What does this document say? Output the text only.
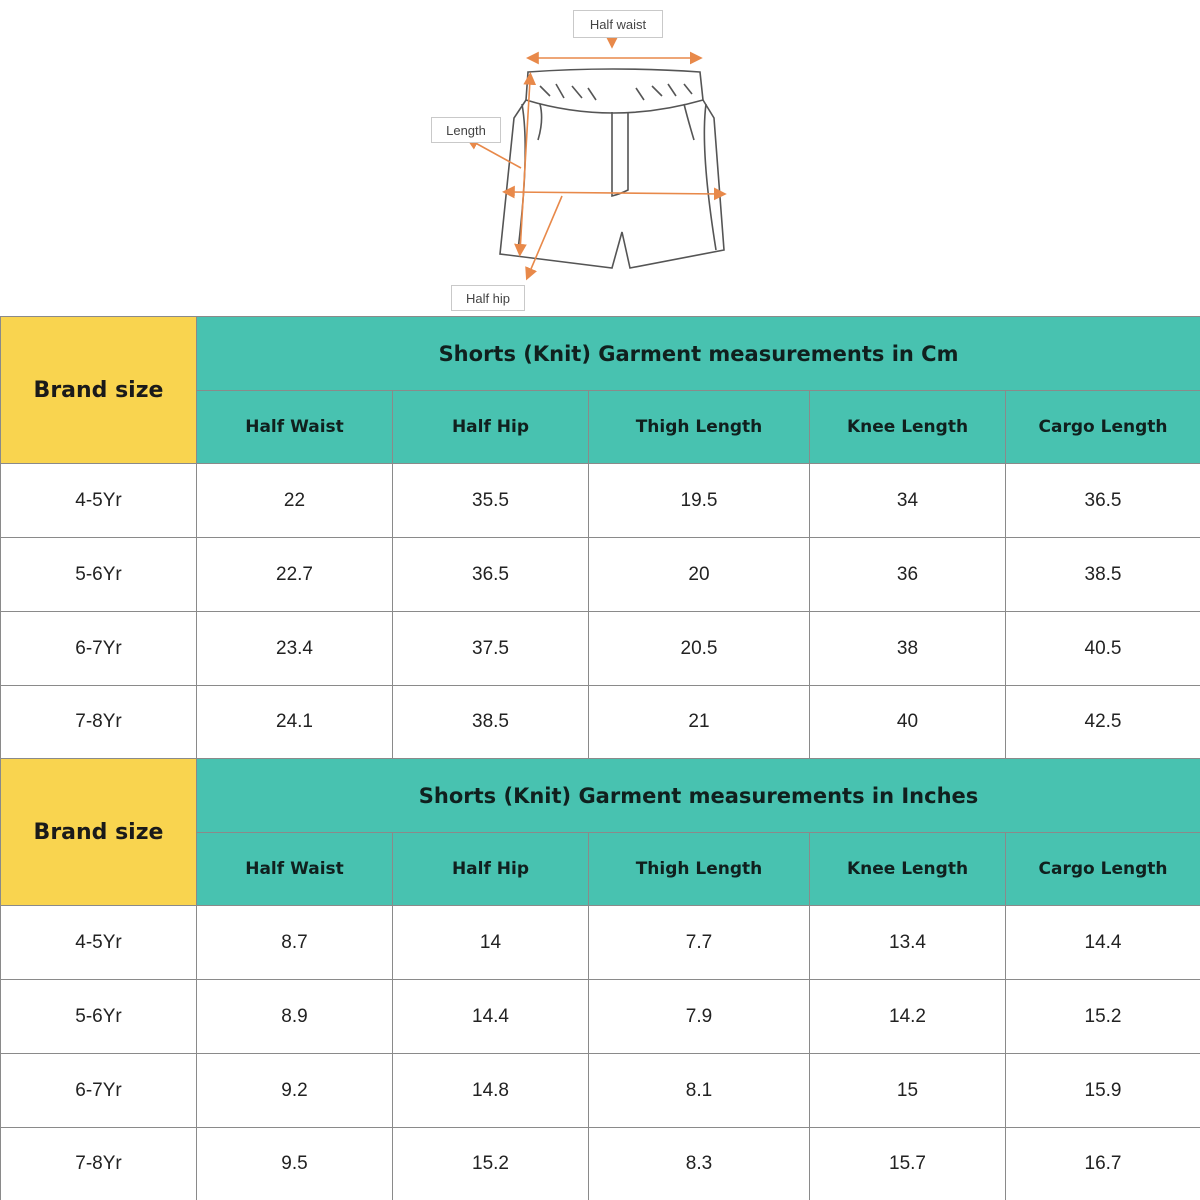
Half waist
Length
Half hip
Brand size	Shorts (Knit) Garment measurements in Cm				
	Half Waist	Half Hip	Thigh Length	Knee Length	Cargo Length
4-5Yr	22	35.5	19.5	34	36.5
5-6Yr	22.7	36.5	20	36	38.5
6-7Yr	23.4	37.5	20.5	38	40.5
7-8Yr	24.1	38.5	21	40	42.5
Brand size	Shorts (Knit) Garment measurements in Inches				
	Half Waist	Half Hip	Thigh Length	Knee Length	Cargo Length
4-5Yr	8.7	14	7.7	13.4	14.4
5-6Yr	8.9	14.4	7.9	14.2	15.2
6-7Yr	9.2	14.8	8.1	15	15.9
7-8Yr	9.5	15.2	8.3	15.7	16.7
